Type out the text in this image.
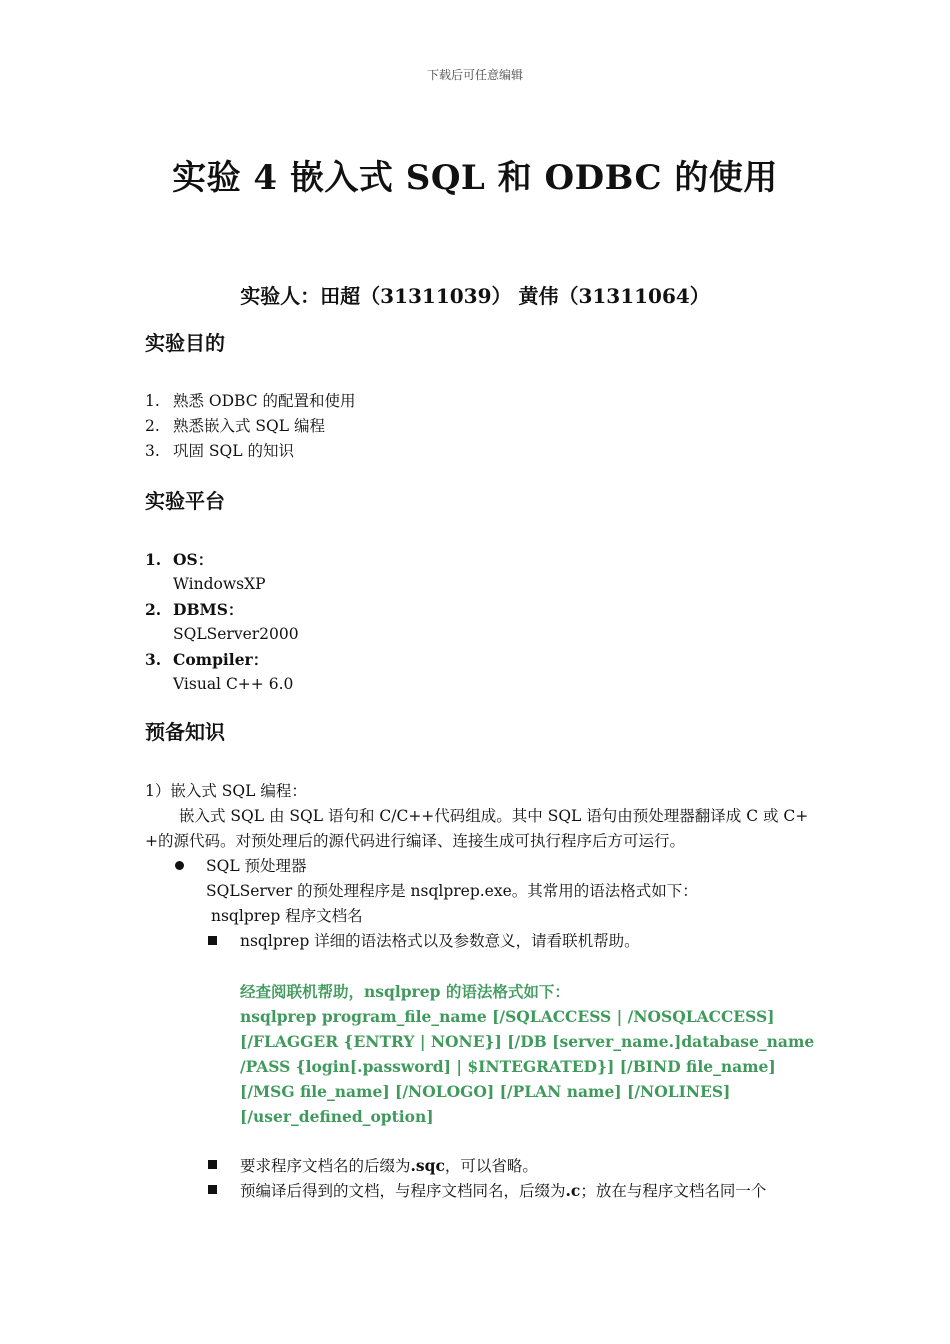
下载后可任意编辑
实验 4 嵌入式 SQL 和 ODBC 的使用
实验人：田超（31311039） 黄伟（31311064）
实验目的
1. 熟悉 ODBC 的配置和使用
2. 熟悉嵌入式 SQL 编程
3. 巩固 SQL 的知识
实验平台
1. OS：
WindowsXP
2. DBMS：
SQLServer2000
3. Compiler：
Visual C++ 6.0
预备知识
1）嵌入式 SQL 编程：
嵌入式 SQL 由 SQL 语句和 C/C++代码组成。其中 SQL 语句由预处理器翻译成 C 或 C+
+的源代码。对预处理后的源代码进行编译、连接生成可执行程序后方可运行。
SQL 预处理器
SQLServer 的预处理程序是 nsqlprep.exe。其常用的语法格式如下：
nsqlprep 程序文档名
nsqlprep 详细的语法格式以及参数意义，请看联机帮助。
经查阅联机帮助，nsqlprep 的语法格式如下：
nsqlprep program_file_name [/SQLACCESS | /NOSQLACCESS]
[/FLAGGER {ENTRY | NONE}] [/DB [server_name.]database_name
/PASS {login[.password] | $INTEGRATED}] [/BIND file_name]
[/MSG file_name] [/NOLOGO] [/PLAN name] [/NOLINES]
[/user_defined_option]
要求程序文档名的后缀为.sqc，可以省略。
预编译后得到的文档，与程序文档同名，后缀为.c；放在与程序文档名同一个
